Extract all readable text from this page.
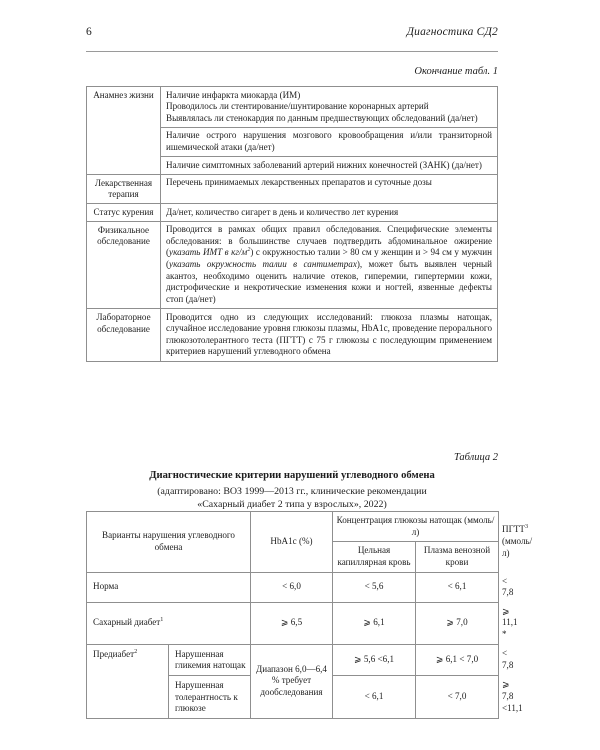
6	Диагностика СД2
Окончание табл. 1
Анамнез жизни	Наличие инфаркта миокарда (ИМ)
Проводилось ли стентирование/шунтирование коронарных артерий
Выявлялась ли стенокардия по данным предшествующих обследований (да/нет)
	Наличие острого нарушения мозгового кровообращения и/или транзиторной ишемической атаки (да/нет)
	Наличие симптомных заболеваний артерий нижних конечностей (ЗАНК) (да/нет)
Лекарственная терапия	Перечень принимаемых лекарственных препаратов и суточные дозы
Статус курения	Да/нет, количество сигарет в день и количество лет курения
Физикальное обследование	Проводится в рамках общих правил обследования. Специфические элементы обследования: в большинстве случаев подтвердить абдоминальное ожирение (указать ИМТ в $кг/м^2$) с окружностью талии > 80 см у женщин и > 94 см у мужчин (указать окружность талии в сантиметрах), может быть выявлен черный акантоз, необходимо оценить наличие отеков, гиперемии, гипертермии кожи, дистрофические и некротические изменения кожи и ногтей, язвенные дефекты стоп (да/нет)
Лабораторное обследование	Проводится одно из следующих исследований: глюкоза плазмы натощак, случайное исследование уровня глюкозы плазмы, HbA1c, проведение перорального глюкозотолерантного теста (ПГТТ) с 75 г глюкозы с последующим применением критериев нарушений углеводного обмена
Таблица 2
Диагностические критерии нарушений углеводного обмена
(адаптировано: ВОЗ 1999—2013 гг., клинические рекомендации
«Сахарный диабет 2 типа у взрослых», 2022)
Варианты нарушения углеводного обмена		HbA1c (%)	Концентрация глюкозы натощак (ммоль/л)		ПГТТ$^3$
(ммоль/л)

			Цельная капиллярная кровь	Плазма венозной крови	
Норма		< 6,0	< 5,6	< 6,1	< 7,8
Сахарный диабет$^1$		⩾ 6,5	⩾ 6,1	⩾ 7,0	⩾ 11,1 *
Предиабет$^2$	Нарушенная гликемия натощак	Диапазон 6,0—6,4 % требует дообследования	⩾ 5,6 <6,1	⩾ 6,1 < 7,0	< 7,8
	Нарушенная толерантность к глюкозе		< 6,1	< 7,0	⩾ 7,8 <11,1
